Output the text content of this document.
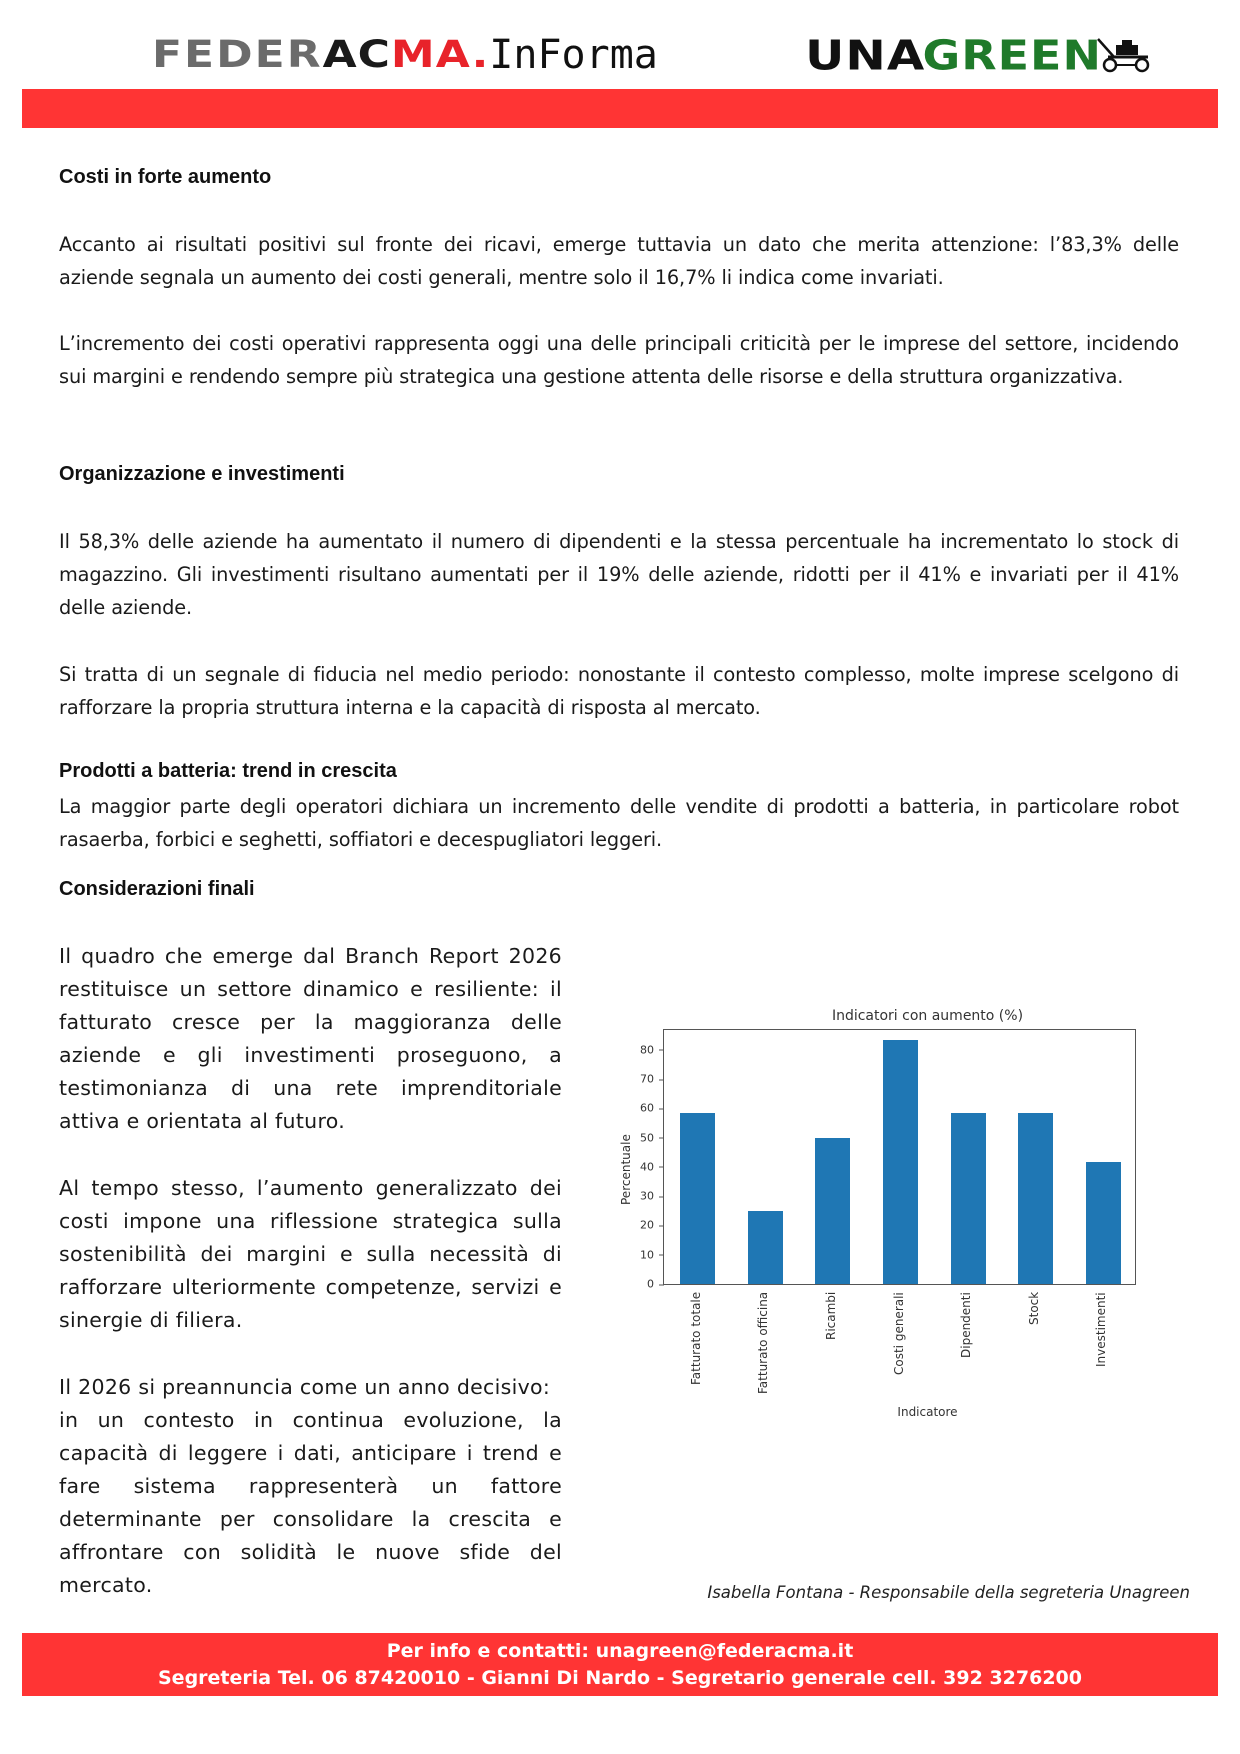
FEDER AC MA. InForma	UNA
GREEN
Costi in forte aumento
Accanto ai risultati positivi sul fronte dei ricavi, emerge tuttavia un dato che merita attenzione: l’83,3% delle aziende segnala un aumento dei costi generali, mentre solo il 16,7% li indica come invariati.
L’incremento dei costi operativi rappresenta oggi una delle principali criticità per le imprese del settore, incidendo sui margini e rendendo sempre più strategica una gestione attenta delle risorse e della struttura organizzativa.
Organizzazione e investimenti
Il 58,3% delle aziende ha aumentato il numero di dipendenti e la stessa percentuale ha incrementato lo stock di magazzino. Gli investimenti risultano aumentati per il 19% delle aziende, ridotti per il 41% e invariati per il 41% delle aziende.
Si tratta di un segnale di fiducia nel medio periodo: nonostante il contesto complesso, molte imprese scelgono di rafforzare la propria struttura interna e la capacità di risposta al mercato.
Prodotti a batteria: trend in crescita
La maggior parte degli operatori dichiara un incremento delle vendite di prodotti a batteria, in particolare robot rasaerba, forbici e seghetti, soffiatori e decespugliatori leggeri.
Considerazioni finali
Il quadro che emerge dal Branch Report 2026 restituisce un settore dinamico e resiliente: il fatturato cresce per la maggioranza delle aziende e gli investimenti proseguono, a testimonianza di una rete imprenditoriale attiva e orientata al futuro.
Al tempo stesso, l’aumento generalizzato dei costi impone una riflessione strategica sulla sostenibilità dei margini e sulla necessità di rafforzare ulteriormente competenze, servizi e sinergie di filiera.
Il 2026 si preannuncia come un anno decisivo:
in un contesto in continua evoluzione, la capacità di leggere i dati, anticipare i trend e fare sistema rappresenterà un fattore determinante per consolidare la crescita e affrontare con solidità le nuove sfide del mercato.
Indicatori con aumento (%)
Percentuale
0
10
20
30
40
50
60
70
80
Fatturato totale	Fatturato officina	Ricambi	Costi generali	Dipendenti	Stock	Investimenti
Indicatore
Isabella Fontana - Responsabile della segreteria Unagreen
Per info e contatti: unagreen@federacma.it
Segreteria Tel. 06 87420010 - Gianni Di Nardo - Segretario generale cell. 392 3276200
